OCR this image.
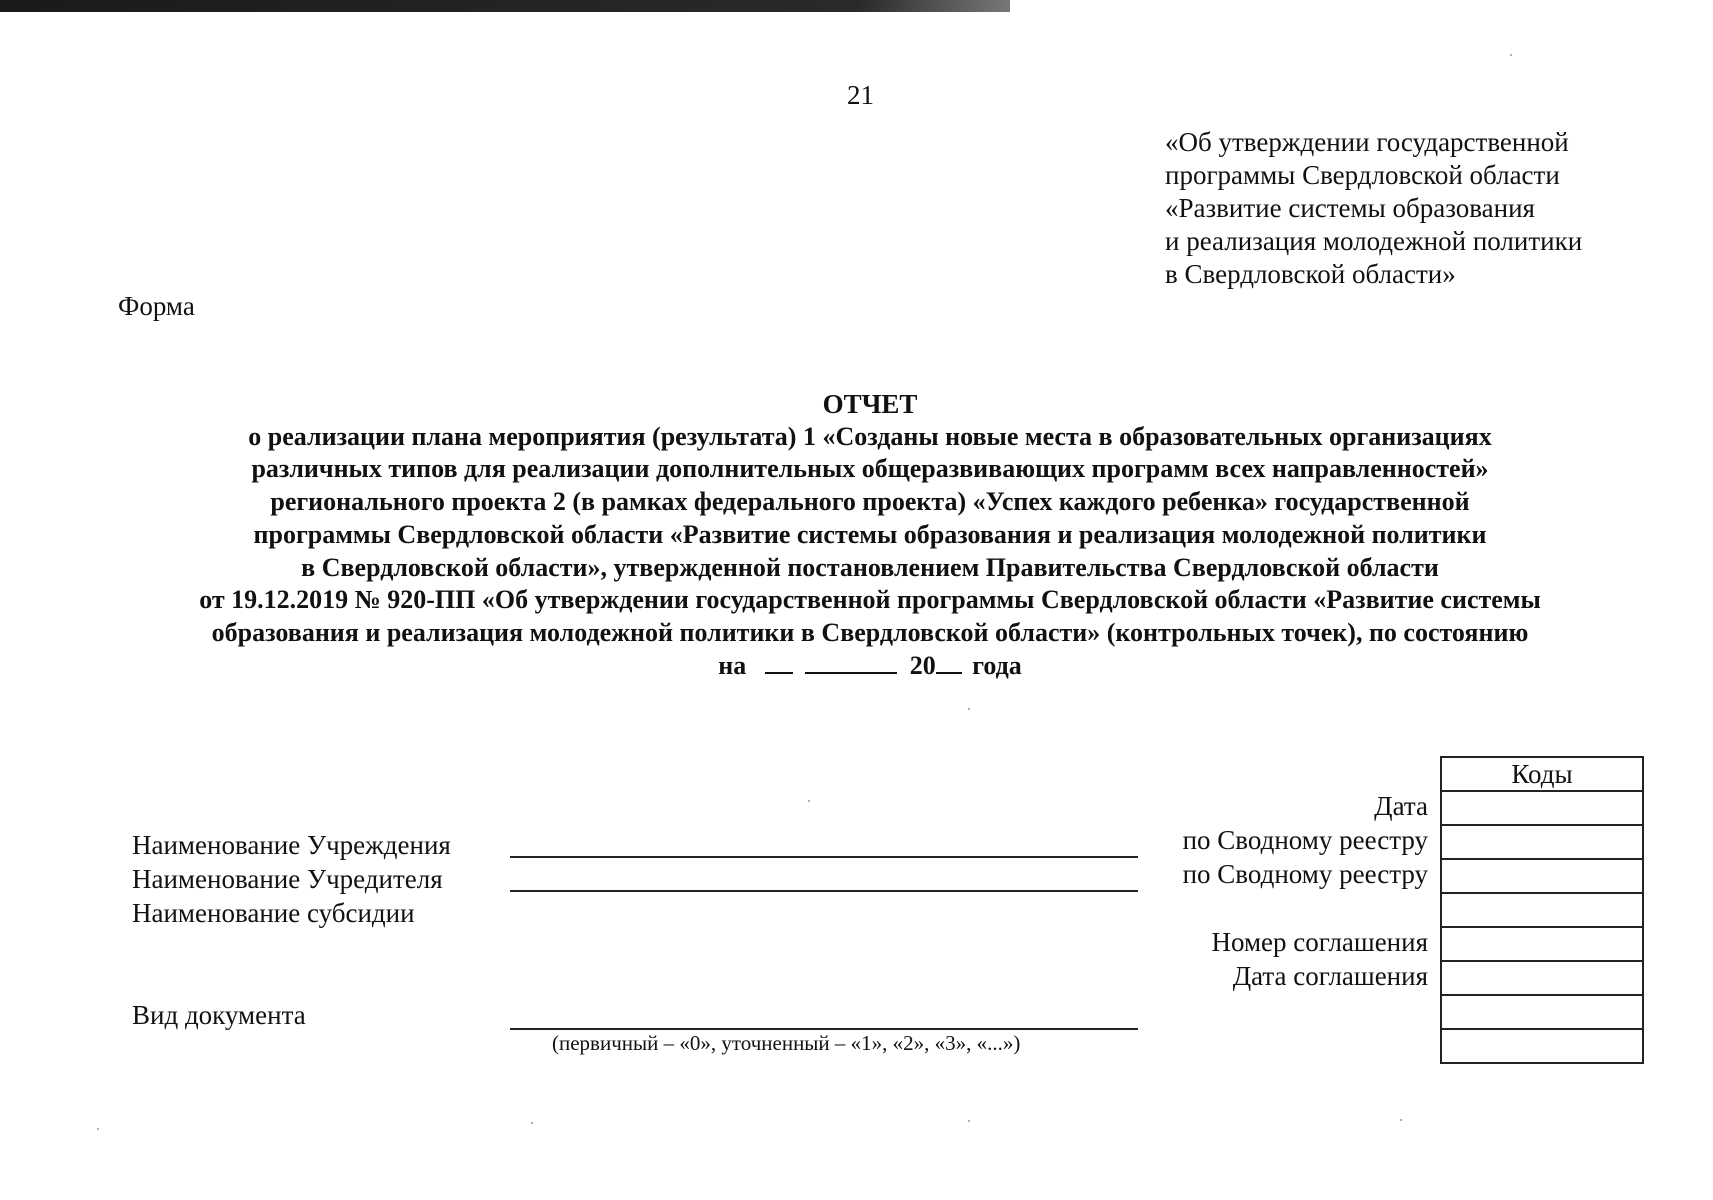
21
«Об утверждении государственной
программы Свердловской области
«Развитие системы образования
и реализация молодежной политики
в Свердловской области»
Форма
ОТЧЕТ
о реализации плана мероприятия (результата) 1 «Созданы новые места в образовательных организациях
различных типов для реализации дополнительных общеразвивающих программ всех направленностей»
регионального проекта 2 (в рамках федерального проекта) «Успех каждого ребенка» государственной
программы Свердловской области «Развитие системы образования и реализация молодежной политики
в Свердловской области», утвержденной постановлением Правительства Свердловской области
от 19.12.2019 № 920-ПП «Об утверждении государственной программы Свердловской области «Развитие системы
образования и реализация молодежной политики в Свердловской области» (контрольных точек), по состоянию
на	20 года
Наименование Учреждения
Наименование Учредителя
Наименование субсидии
Вид документа
(первичный – «0», уточненный – «1», «2», «3», «...»)
Дата
по Сводному реестру
по Сводному реестру
Номер соглашения
Дата соглашения
Коды
